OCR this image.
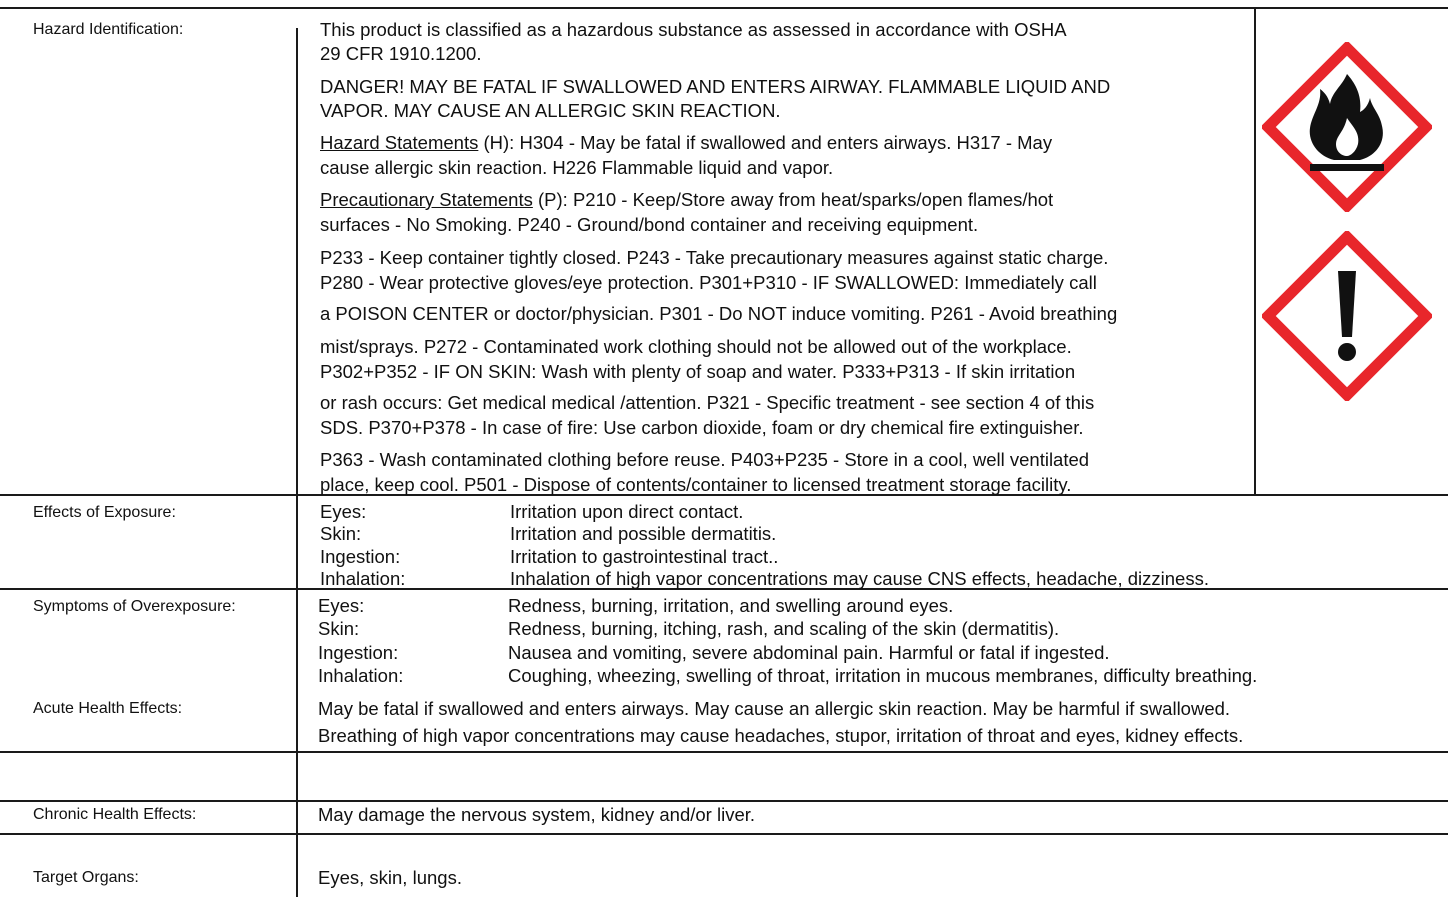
Hazard Identification:	This product is classified as a hazardous substance as assessed in accordance with OSHA
29 CFR 1910.1200.
DANGER! MAY BE FATAL IF SWALLOWED AND ENTERS AIRWAY. FLAMMABLE LIQUID AND
VAPOR. MAY CAUSE AN ALLERGIC SKIN REACTION.
Hazard Statements (H): H304 - May be fatal if swallowed and enters airways. H317 - May
cause allergic skin reaction. H226 Flammable liquid and vapor.
Precautionary Statements (P): P210 - Keep/Store away from heat/sparks/open flames/hot
surfaces - No Smoking. P240 - Ground/bond container and receiving equipment.
P233 - Keep container tightly closed. P243 - Take precautionary measures against static charge.
P280 - Wear protective gloves/eye protection. P301+P310 - IF SWALLOWED: Immediately call
a POISON CENTER or doctor/physician. P301 - Do NOT induce vomiting. P261 - Avoid breathing
mist/sprays. P272 - Contaminated work clothing should not be allowed out of the workplace.
P302+P352 - IF ON SKIN: Wash with plenty of soap and water. P333+P313 - If skin irritation
or rash occurs: Get medical medical /attention. P321 - Specific treatment - see section 4 of this
SDS. P370+P378 - In case of fire: Use carbon dioxide, foam or dry chemical fire extinguisher.
P363 - Wash contaminated clothing before reuse. P403+P235 - Store in a cool, well ventilated
place, keep cool. P501 - Dispose of contents/container to licensed treatment storage facility.
Effects of Exposure:	Eyes:	Irritation upon direct contact.
Skin:	Irritation and possible dermatitis.
Ingestion:	Irritation to gastrointestinal tract..
Inhalation:	Inhalation of high vapor concentrations may cause CNS effects, headache, dizziness.
Symptoms of Overexposure:	Eyes:	Redness, burning, irritation, and swelling around eyes.
Skin:	Redness, burning, itching, rash, and scaling of the skin (dermatitis).
Ingestion:	Nausea and vomiting, severe abdominal pain. Harmful or fatal if ingested.
Inhalation:	Coughing, wheezing, swelling of throat, irritation in mucous membranes, difficulty breathing.
Acute Health Effects:	May be fatal if swallowed and enters airways. May cause an allergic skin reaction. May be harmful if swallowed.
Breathing of high vapor concentrations may cause headaches, stupor, irritation of throat and eyes, kidney effects.
Chronic Health Effects:	May damage the nervous system, kidney and/or liver.
Target Organs:	Eyes, skin, lungs.
